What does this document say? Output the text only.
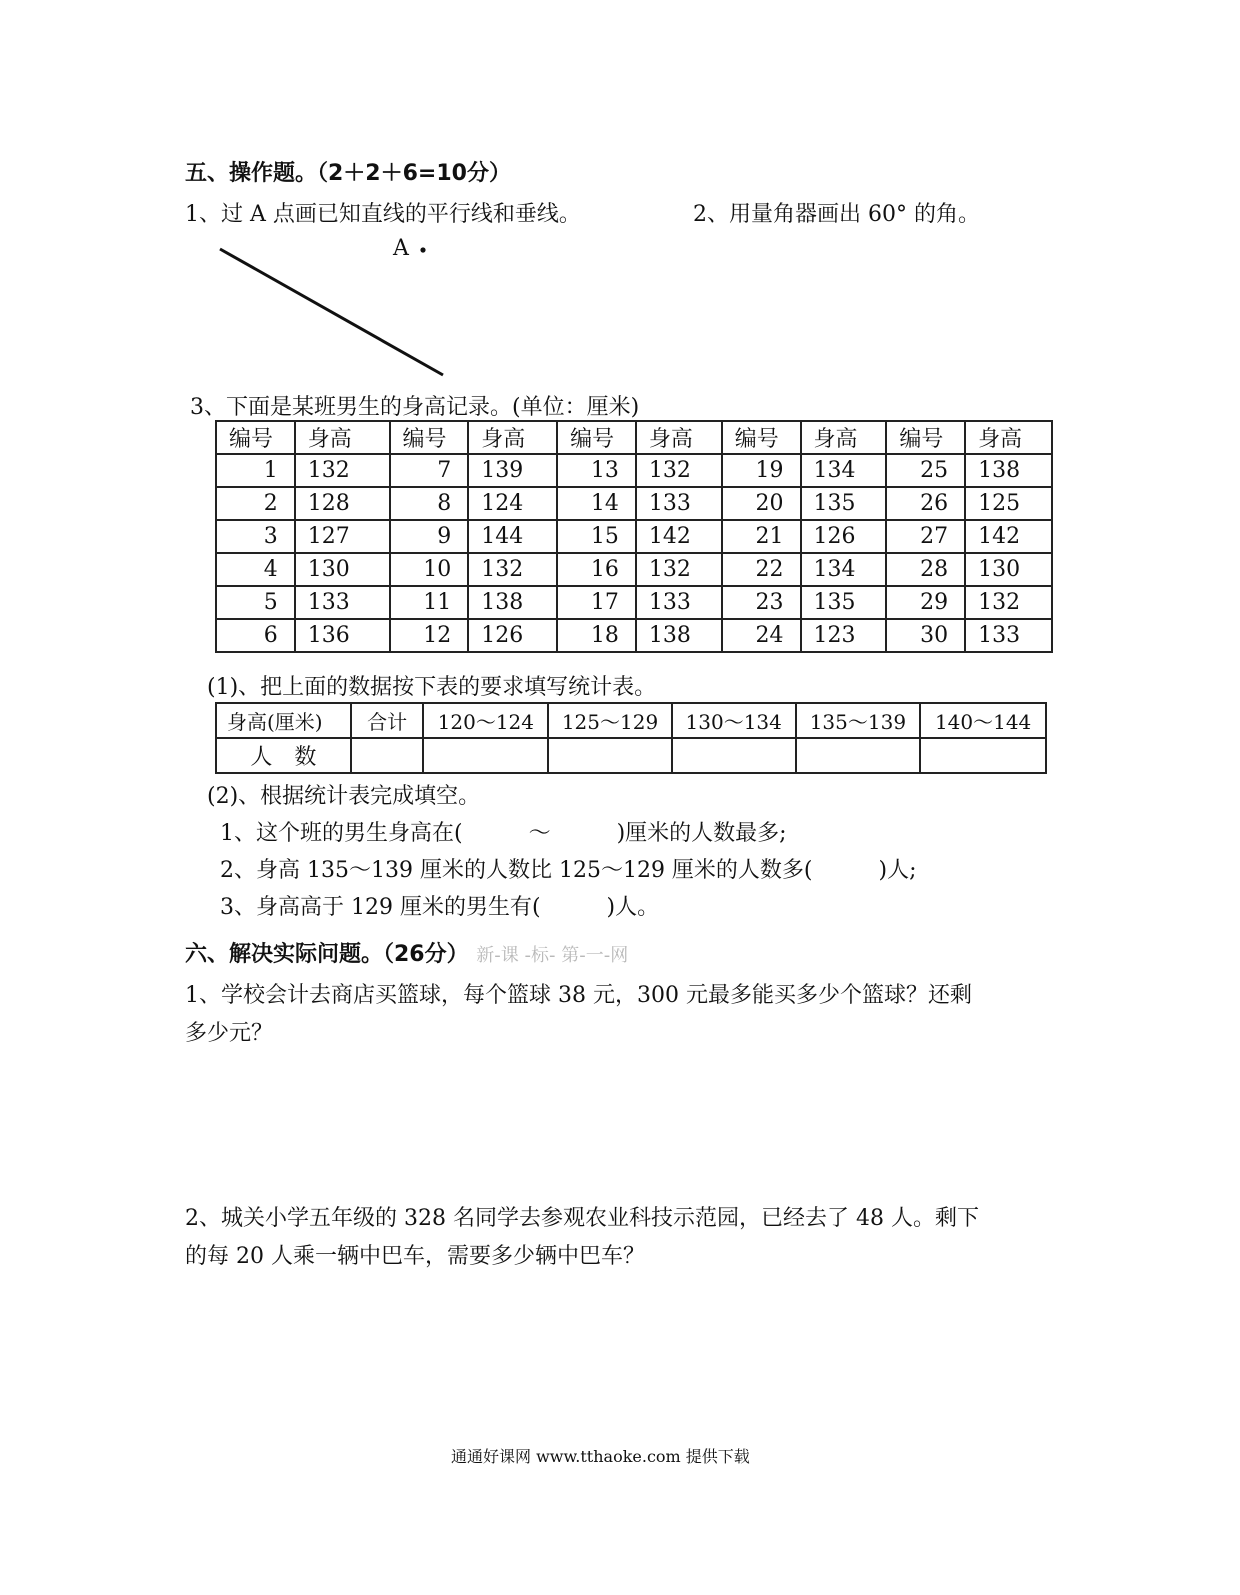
五、操作题。（2＋2＋6=10分）
1、过 A 点画已知直线的平行线和垂线。	2、用量角器画出 60° 的角。
A
3、下面是某班男生的身高记录。(单位：厘米)
编号	身高	编号	身高	编号	身高	编号	身高	编号	身高
1	132	7	139	13	132	19	134	25	138
2	128	8	124	14	133	20	135	26	125
3	127	9	144	15	142	21	126	27	142
4	130	10	132	16	132	22	134	28	130
5	133	11	138	17	133	23	135	29	132
6	136	12	126	18	138	24	123	30	133
(1)、把上面的数据按下表的要求填写统计表。
身高(厘米)	合计	120～124	125～129	130～134	135～139	140～144
人　数						
(2)、根据统计表完成填空。
1、这个班的男生身高在(　　　～　　　)厘米的人数最多;
2、身高 135～139 厘米的人数比 125～129 厘米的人数多(　　　)人;
3、身高高于 129 厘米的男生有(　　　)人。
六、解决实际问题。（26分） 新-课 -标- 第-一-网
1、学校会计去商店买篮球，每个篮球 38 元，300 元最多能买多少个篮球？还剩
多少元？
2、城关小学五年级的 328 名同学去参观农业科技示范园，已经去了 48 人。剩下
的每 20 人乘一辆中巴车，需要多少辆中巴车？
通通好课网 www.tthaoke.com 提供下载
